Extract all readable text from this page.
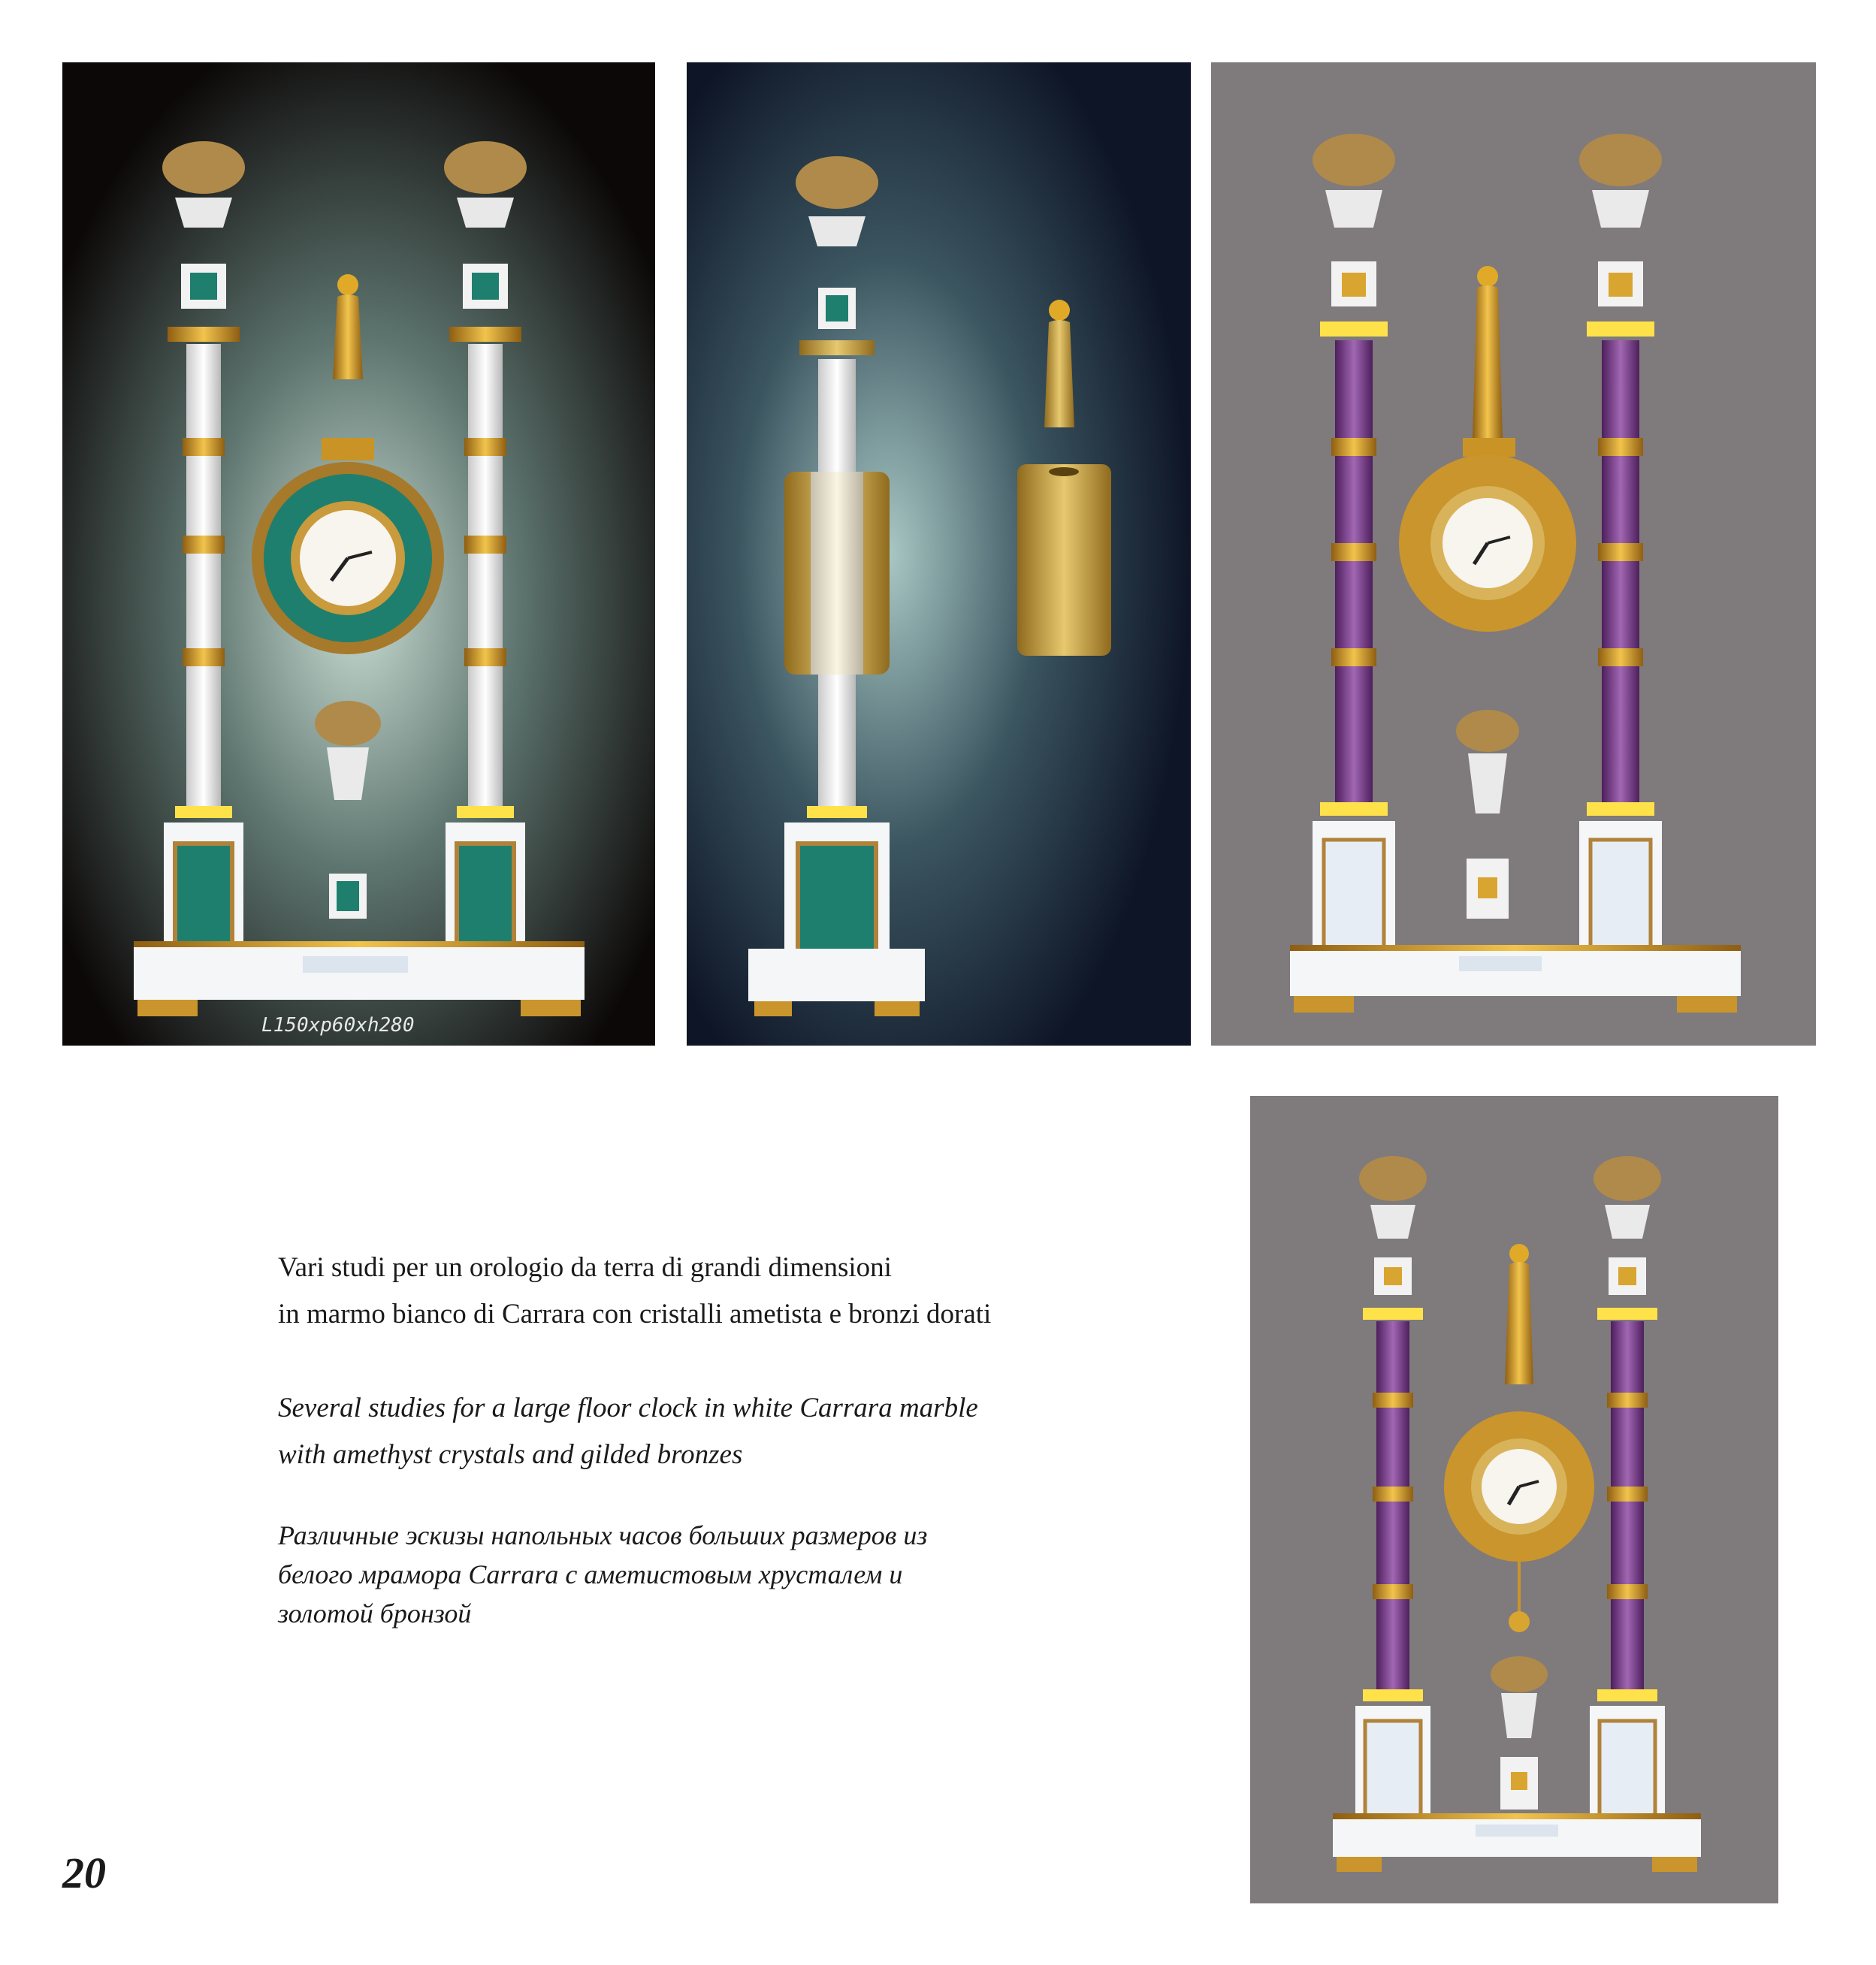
L150xp60xh280
Vari studi per un orologio da terra di grandi dimensioni
in marmo bianco di Carrara con cristalli ametista e bronzi dorati
Several studies for a large floor clock in white Carrara marble
with amethyst crystals and gilded bronzes
Различные эскизы напольных часов больших размеров из
белого мрамора Carrara с аметистовым хрусталем и
золотой бронзой
20
